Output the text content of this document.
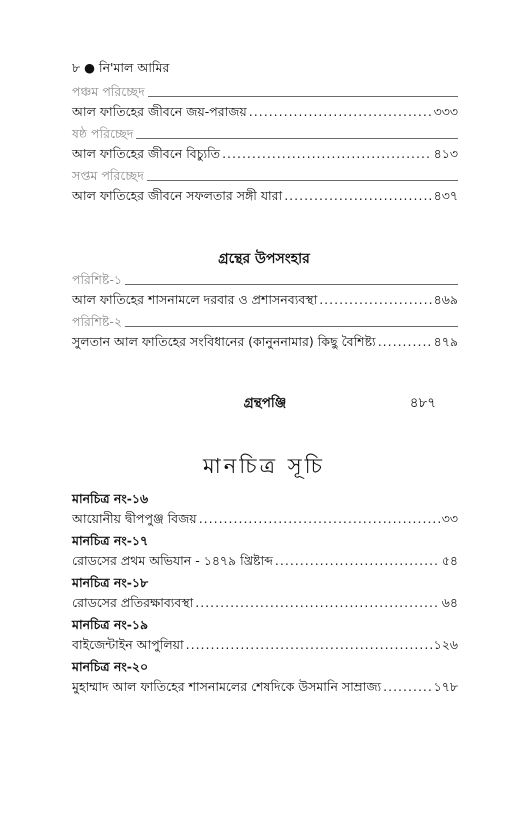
৮ ● নি'মাল আমির
পঞ্চম পরিচ্ছেদ
আল ফাতিহের জীবনে জয়-পরাজয় .....	৩৩৩
ষষ্ঠ পরিচ্ছেদ
আল ফাতিহের জীবনে বিচ্যুতি .....	৪১৩
সপ্তম পরিচ্ছেদ
আল ফাতিহের জীবনে সফলতার সঙ্গী যারা .....	৪৩৭
গ্রন্থের উপসংহার
পরিশিষ্ট-১
আল ফাতিহের শাসনামলে দরবার ও প্রশাসনব্যবস্থা .....	৪৬৯
পরিশিষ্ট-২
সুলতান আল ফাতিহের সংবিধানের (কানুননামার) কিছু বৈশিষ্ট্য .....	৪৭৯
গ্রন্থপঞ্জি	৪৮৭
মানচিত্র সূচি
মানচিত্র নং-১৬
আয়োনীয় দ্বীপপুঞ্জ বিজয় .....	৩৩
মানচিত্র নং-১৭
রোডসের প্রথম অভিযান - ১৪৭৯ খ্রিষ্টাব্দ .....	৫৪
মানচিত্র নং-১৮
রোডসের প্রতিরক্ষাব্যবস্থা .....	৬৪
মানচিত্র নং-১৯
বাইজেন্টাইন আপুলিয়া .....	১২৬
মানচিত্র নং-২০
মুহাম্মাদ আল ফাতিহের শাসনামলের শেষদিকে উসমানি সাম্রাজ্য .....	১৭৮
